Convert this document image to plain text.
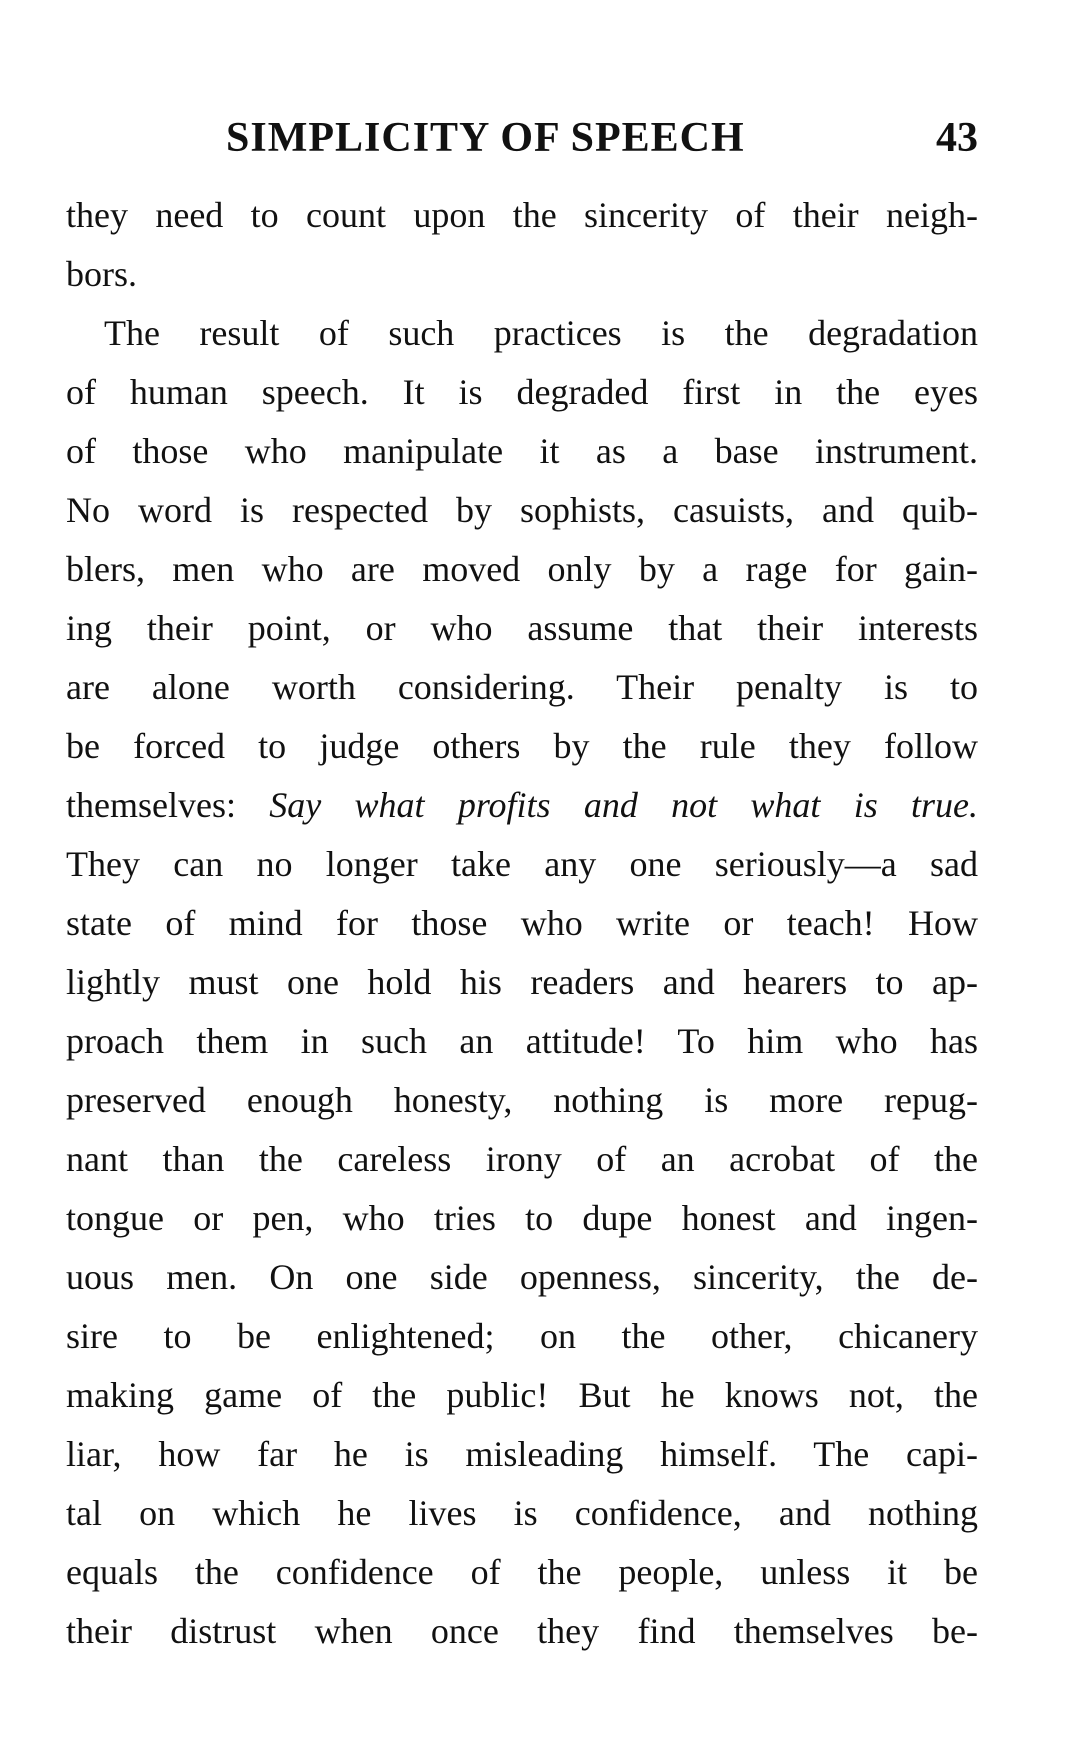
SIMPLICITY OF SPEECH	43
they need to count upon the sincerity of their neigh-
bors.
The result of such practices is the degradation
of human speech. It is degraded first in the eyes
of those who manipulate it as a base instrument.
No word is respected by sophists, casuists, and quib-
blers, men who are moved only by a rage for gain-
ing their point, or who assume that their interests
are alone worth considering. Their penalty is to
be forced to judge others by the rule they follow
themselves: Say what profits and not what is true.
They can no longer take any one seriously—a sad
state of mind for those who write or teach! How
lightly must one hold his readers and hearers to ap-
proach them in such an attitude! To him who has
preserved enough honesty, nothing is more repug-
nant than the careless irony of an acrobat of the
tongue or pen, who tries to dupe honest and ingen-
uous men. On one side openness, sincerity, the de-
sire to be enlightened; on the other, chicanery
making game of the public! But he knows not, the
liar, how far he is misleading himself. The capi-
tal on which he lives is confidence, and nothing
equals the confidence of the people, unless it be
their distrust when once they find themselves be-
